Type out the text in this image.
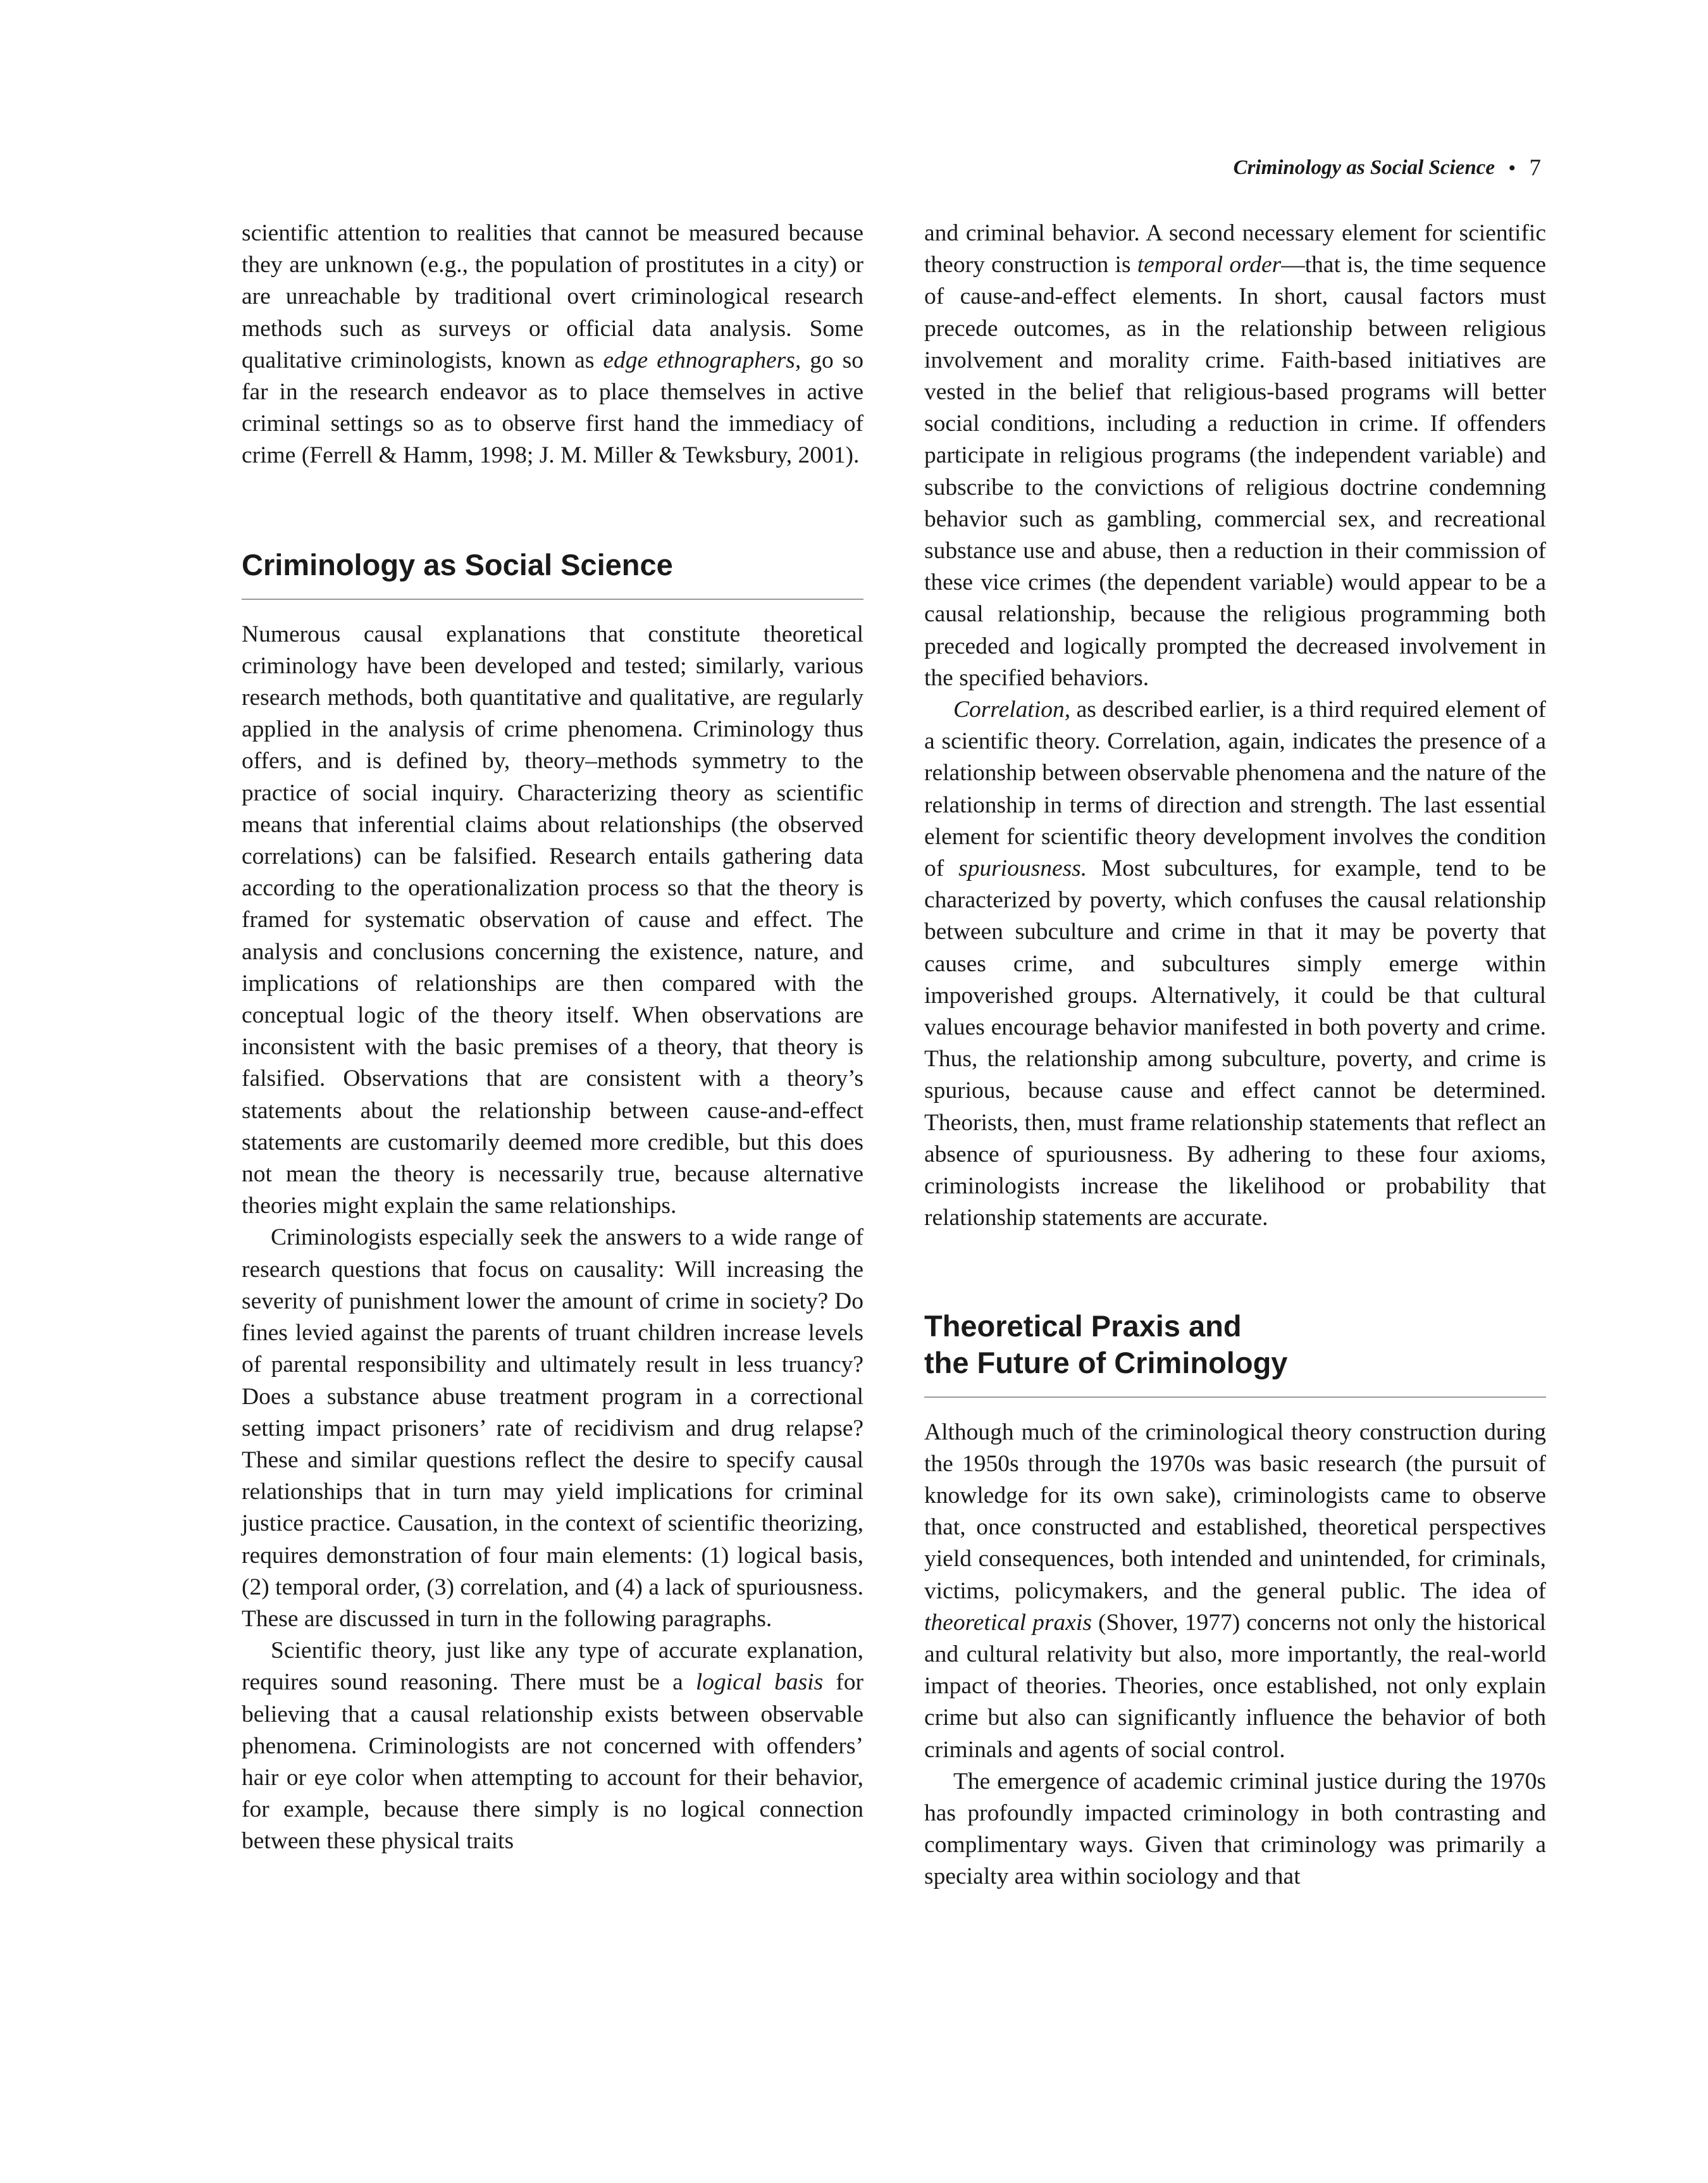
Criminology as Social Science • 7

scientific attention to realities that cannot be measured because they are unknown (e.g., the population of prostitutes in a city) or are unreachable by traditional overt criminological research methods such as surveys or official data analysis. Some qualitative criminologists, known as edge ethnographers, go so far in the research endeavor as to place themselves in active criminal settings so as to observe first hand the immediacy of crime (Ferrell & Hamm, 1998; J. M. Miller & Tewksbury, 2001).

Criminology as Social Science

Numerous causal explanations that constitute theoretical criminology have been developed and tested; similarly, various research methods, both quantitative and qualitative, are regularly applied in the analysis of crime phenomena. Criminology thus offers, and is defined by, theory–methods symmetry to the practice of social inquiry. Characterizing theory as scientific means that inferential claims about relationships (the observed correlations) can be falsified. Research entails gathering data according to the operationalization process so that the theory is framed for systematic observation of cause and effect. The analysis and conclusions concerning the existence, nature, and implications of relationships are then compared with the conceptual logic of the theory itself. When observations are inconsistent with the basic premises of a theory, that theory is falsified. Observations that are consistent with a theory’s statements about the relationship between cause-and-effect statements are customarily deemed more credible, but this does not mean the theory is necessarily true, because alternative theories might explain the same relationships.

Criminologists especially seek the answers to a wide range of research questions that focus on causality: Will increasing the severity of punishment lower the amount of crime in society? Do fines levied against the parents of truant children increase levels of parental responsibility and ultimately result in less truancy? Does a substance abuse treatment program in a correctional setting impact prisoners’ rate of recidivism and drug relapse? These and similar questions reflect the desire to specify causal relationships that in turn may yield implications for criminal justice practice. Causation, in the context of scientific theorizing, requires demonstration of four main elements: (1) logical basis, (2) temporal order, (3) correlation, and (4) a lack of spuriousness. These are discussed in turn in the following paragraphs.

Scientific theory, just like any type of accurate explanation, requires sound reasoning. There must be a logical basis for believing that a causal relationship exists between observable phenomena. Criminologists are not concerned with offenders’ hair or eye color when attempting to account for their behavior, for example, because there simply is no logical connection between these physical traits

and criminal behavior. A second necessary element for scientific theory construction is temporal order—that is, the time sequence of cause-and-effect elements. In short, causal factors must precede outcomes, as in the relationship between religious involvement and morality crime. Faith-based initiatives are vested in the belief that religious-based programs will better social conditions, including a reduction in crime. If offenders participate in religious programs (the independent variable) and subscribe to the convictions of religious doctrine condemning behavior such as gambling, commercial sex, and recreational substance use and abuse, then a reduction in their commission of these vice crimes (the dependent variable) would appear to be a causal relationship, because the religious programming both preceded and logically prompted the decreased involvement in the specified behaviors.

Correlation, as described earlier, is a third required element of a scientific theory. Correlation, again, indicates the presence of a relationship between observable phenomena and the nature of the relationship in terms of direction and strength. The last essential element for scientific theory development involves the condition of spuriousness. Most subcultures, for example, tend to be characterized by poverty, which confuses the causal relationship between subculture and crime in that it may be poverty that causes crime, and subcultures simply emerge within impoverished groups. Alternatively, it could be that cultural values encourage behavior manifested in both poverty and crime. Thus, the relationship among subculture, poverty, and crime is spurious, because cause and effect cannot be determined. Theorists, then, must frame relationship statements that reflect an absence of spuriousness. By adhering to these four axioms, criminologists increase the likelihood or probability that relationship statements are accurate.

Theoretical Praxis and
the Future of Criminology

Although much of the criminological theory construction during the 1950s through the 1970s was basic research (the pursuit of knowledge for its own sake), criminologists came to observe that, once constructed and established, theoretical perspectives yield consequences, both intended and unintended, for criminals, victims, policymakers, and the general public. The idea of theoretical praxis (Shover, 1977) concerns not only the historical and cultural relativity but also, more importantly, the real-world impact of theories. Theories, once established, not only explain crime but also can significantly influence the behavior of both criminals and agents of social control.

The emergence of academic criminal justice during the 1970s has profoundly impacted criminology in both contrasting and complimentary ways. Given that criminology was primarily a specialty area within sociology and that
